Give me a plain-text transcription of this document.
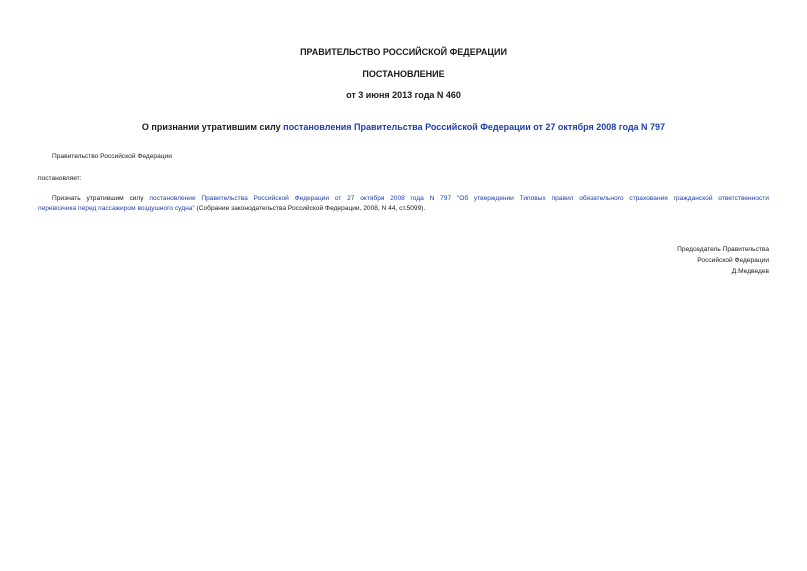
ПРАВИТЕЛЬСТВО РОССИЙСКОЙ ФЕДЕРАЦИИ
ПОСТАНОВЛЕНИЕ
от 3 июня 2013 года N 460
О признании утратившим силу постановления Правительства Российской Федерации от 27 октября 2008 года N 797
Правительство Российской Федерации
постановляет:
Признать утратившим силу постановление Правительства Российской Федерации от 27 октября 2008 года N 797 "Об утверждении Типовых правил обязательного страхования гражданской ответственности
перевозчика перед пассажиром воздушного судна" (Собрание законодательства Российской Федерации, 2008, N 44, ст.5099).
Председатель Правительства
Российской Федерации
Д.Медведев
